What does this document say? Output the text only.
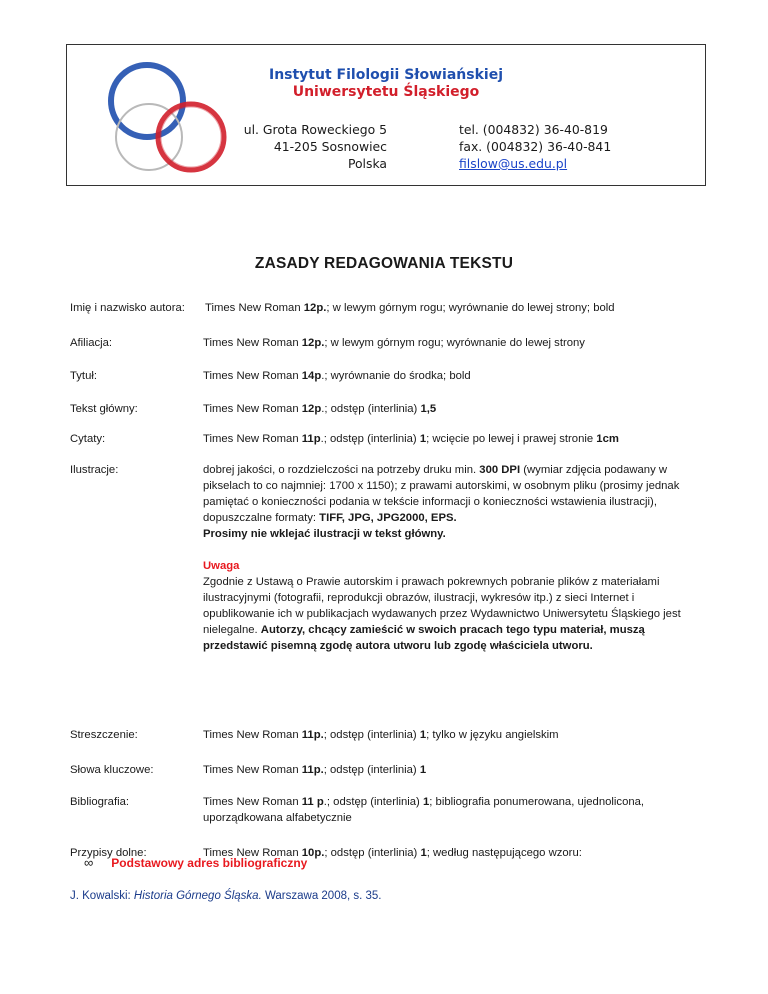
Instytut Filologii Słowiańskiej
Uniwersytetu Śląskiego
ul. Grota Roweckiego 5
41-205 Sosnowiec
Polska
tel. (004832) 36-40-819
fax. (004832) 36-40-841
filslow@us.edu.pl
ZASADY REDAGOWANIA TEKSTU
Imię i nazwisko autora: Times New Roman 12p.; w lewym górnym rogu; wyrównanie do lewej strony; bold
Afiliacja:	Times New Roman 12p.; w lewym górnym rogu; wyrównanie do lewej strony
Tytuł:	Times New Roman 14p.; wyrównanie do środka; bold
Tekst główny:	Times New Roman 12p.; odstęp (interlinia) 1,5
Cytaty:	Times New Roman 11p.; odstęp (interlinia) 1; wcięcie po lewej i prawej stronie 1cm
Ilustracje:	dobrej jakości, o rozdzielczości na potrzeby druku min. 300 DPI (wymiar zdjęcia podawany w pikselach to co najmniej: 1700 x 1150); z prawami autorskimi, w osobnym pliku (prosimy jednak pamiętać o konieczności podania w tekście informacji o konieczności wstawienia ilustracji), dopuszczalne formaty: TIFF, JPG, JPG2000, EPS.
Prosimy nie wklejać ilustracji w tekst główny.
Uwaga
Zgodnie z Ustawą o Prawie autorskim i prawach pokrewnych pobranie plików z materiałami ilustracyjnymi (fotografii, reprodukcji obrazów, ilustracji, wykresów itp.) z sieci Internet i opublikowanie ich w publikacjach wydawanych przez Wydawnictwo Uniwersytetu Śląskiego jest nielegalne. Autorzy, chcący zamieścić w swoich pracach tego typu materiał, muszą przedstawić pisemną zgodę autora utworu lub zgodę właściciela utworu.
Streszczenie:	Times New Roman 11p.; odstęp (interlinia) 1; tylko w języku angielskim
Słowa kluczowe:	Times New Roman 11p.; odstęp (interlinia) 1
Bibliografia:	Times New Roman 11 p.; odstęp (interlinia) 1; bibliografia ponumerowana, ujednolicona, uporządkowana alfabetycznie
Przypisy dolne:	Times New Roman 10p.; odstęp (interlinia) 1; według następującego wzoru:
∞ Podstawowy adres bibliograficzny
J. Kowalski: Historia Górnego Śląska. Warszawa 2008, s. 35.
